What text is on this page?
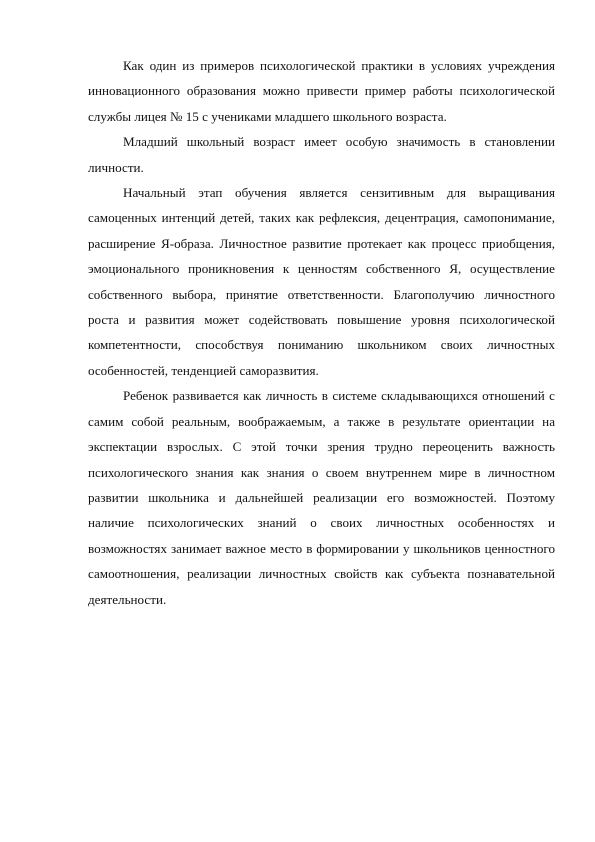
Как один из примеров психологической практики в условиях учреждения инновационного образования можно привести пример работы психологической службы лицея № 15 с учениками младшего школьного возраста.

Младший школьный возраст имеет особую значимость в становлении личности.

Начальный этап обучения является сензитивным для выращивания самоценных интенций детей, таких как рефлексия, децентрация, самопонимание, расширение Я-образа. Личностное развитие протекает как процесс приобщения, эмоционального проникновения к ценностям собственного Я, осуществление собственного выбора, принятие ответственности. Благополучию личностного роста и развития может содействовать повышение уровня психологической компетентности, способствуя пониманию школьником своих личностных особенностей, тенденцией саморазвития.

Ребенок развивается как личность в системе складывающихся отношений с самим собой реальным, воображаемым, а также в результате ориентации на экспектации взрослых. С этой точки зрения трудно переоценить важность психологического знания как знания о своем внутреннем мире в личностном развитии школьника и дальнейшей реализации его возможностей. Поэтому наличие психологических знаний о своих личностных особенностях и возможностях занимает важное место в формировании у школьников ценностного самоотношения, реализации личностных свойств как субъекта познавательной деятельности.
